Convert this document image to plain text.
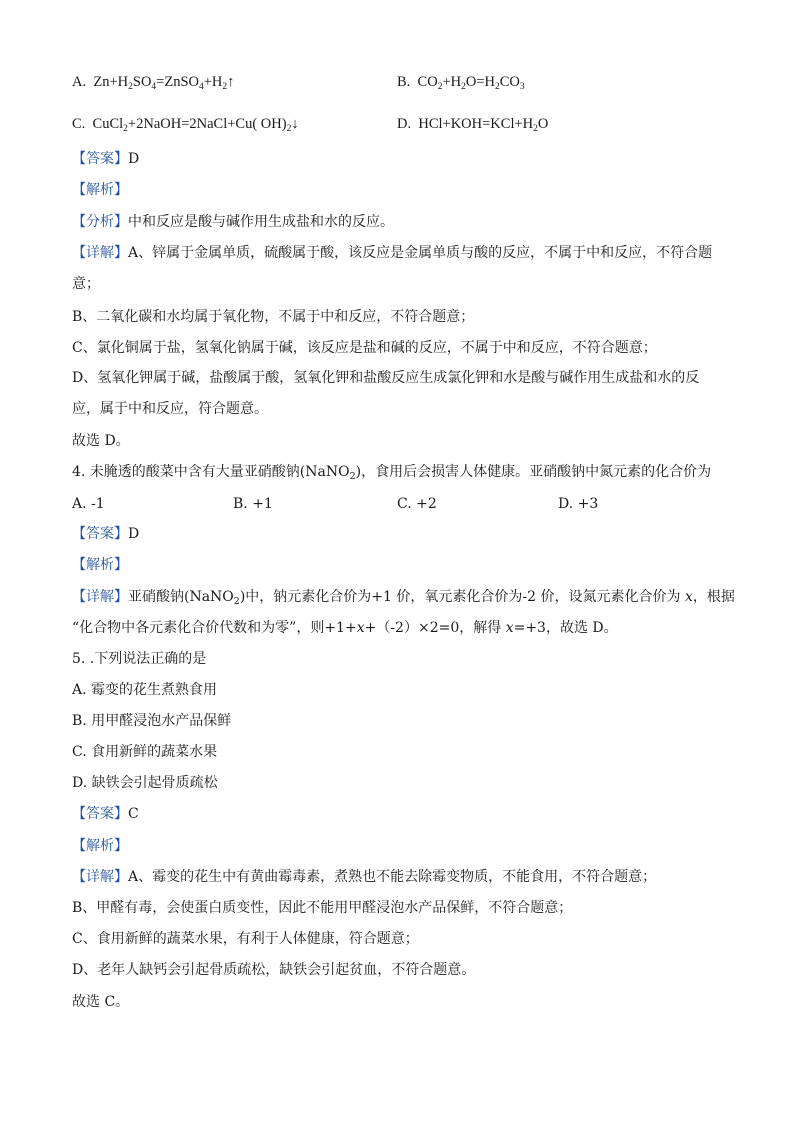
A. $Zn+H_2SO_4=ZnSO_4+H_2↑$	B. $CO_2+H_2O=H_2CO_3$
C. CuCl$_2$+2NaOH=2NaCl+Cu( $OH)_2↓$	D. $HCl+KOH=KCl+H_2O$
【答案】D
【解析】
【分析】中和反应是酸与碱作用生成盐和水的反应。
【详解】A、锌属于金属单质，硫酸属于酸，该反应是金属单质与酸的反应，不属于中和反应，不符合题意；
B、二氧化碳和水均属于氧化物，不属于中和反应，不符合题意；
C、氯化铜属于盐，氢氧化钠属于碱，该反应是盐和碱的反应，不属于中和反应，不符合题意；
D、氢氧化钾属于碱，盐酸属于酸，氢氧化钾和盐酸反应生成氯化钾和水是酸与碱作用生成盐和水的反应，属于中和反应，符合题意。
故选 D。
4. 未腌透的酸菜中含有大量亚硝酸钠(NaNO$_2$)，食用后会损害人体健康。亚硝酸钠中氮元素的化合价为
A. -1	B. +1	C. +2	D. +3
【答案】D
【解析】
【详解】亚硝酸钠(NaNO$_2$)中，钠元素化合价为+1 价，氧元素化合价为-2 价，设氮元素化合价为 x，根据
“化合物中各元素化合价代数和为零”，则+1+x+（-2）×2=0，解得 x=+3，故选 D。
5. .下列说法正确的是
A. 霉变的花生煮熟食用
B. 用甲醛浸泡水产品保鲜
C. 食用新鲜的蔬菜水果
D. 缺铁会引起骨质疏松
【答案】C
【解析】
【详解】A、霉变的花生中有黄曲霉毒素，煮熟也不能去除霉变物质，不能食用，不符合题意；
B、甲醛有毒，会使蛋白质变性，因此不能用甲醛浸泡水产品保鲜，不符合题意；
C、食用新鲜的蔬菜水果，有利于人体健康，符合题意；
D、老年人缺钙会引起骨质疏松，缺铁会引起贫血，不符合题意。
故选 C。
